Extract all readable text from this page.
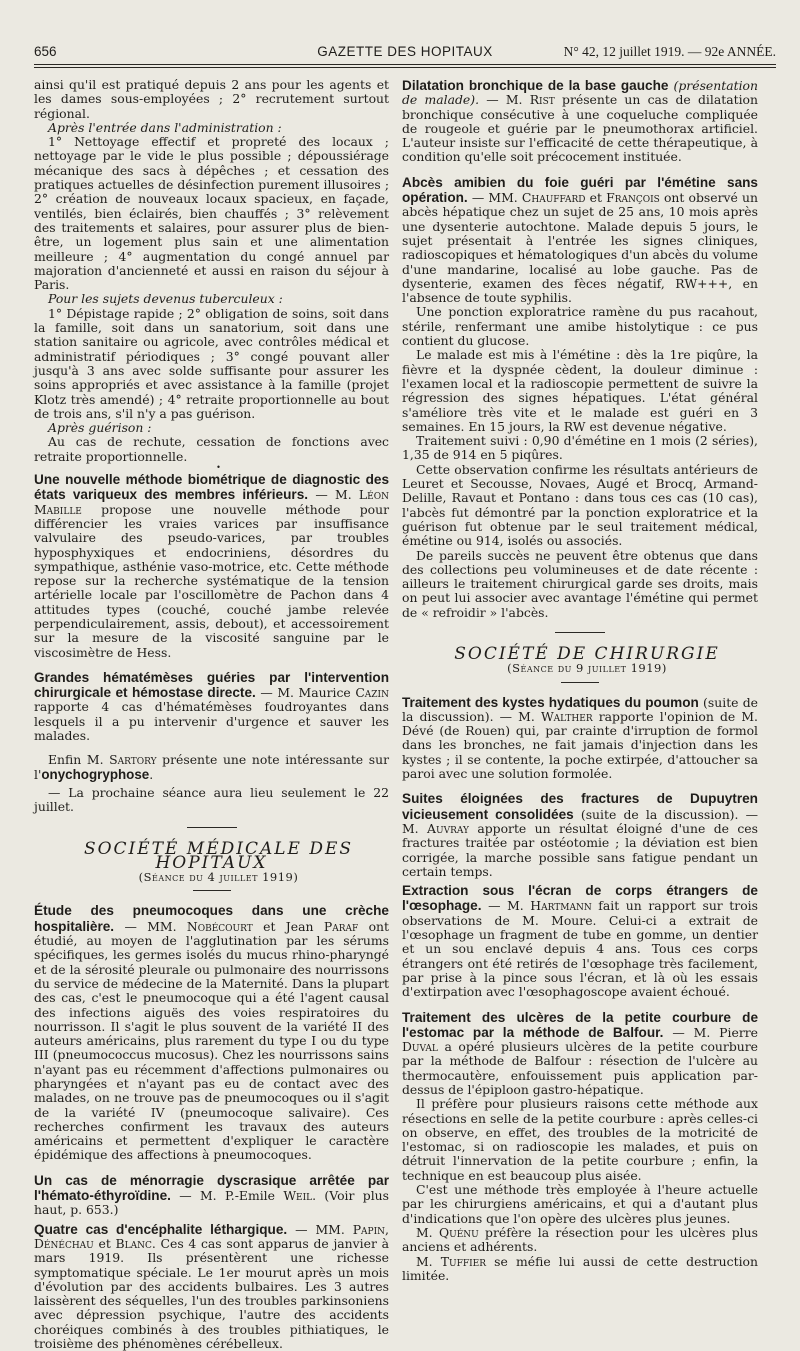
656	GAZETTE DES HOPITAUX	N° 42, 12 juillet 1919. — 92e ANNÉE.

ainsi qu'il est pratiqué depuis 2 ans pour les agents et les dames sous-employées ; 2° recrutement surtout régional.

Après l'entrée dans l'administration :

1° Nettoyage effectif et propreté des locaux ; nettoyage par le vide le plus possible ; dépoussiérage mécanique des sacs à dépêches ; et cessation des pratiques actuelles de désinfection purement illusoires ; 2° création de nouveaux locaux spacieux, en façade, ventilés, bien éclairés, bien chauffés ; 3° relèvement des traitements et salaires, pour assurer plus de bien-être, un logement plus sain et une alimentation meilleure ; 4° augmentation du congé annuel par majoration d'ancienneté et aussi en raison du séjour à Paris.

Pour les sujets devenus tuberculeux :

1° Dépistage rapide ; 2° obligation de soins, soit dans la famille, soit dans un sanatorium, soit dans une station sanitaire ou agricole, avec contrôles médical et administratif périodiques ; 3° congé pouvant aller jusqu'à 3 ans avec solde suffisante pour assurer les soins appropriés et avec assistance à la famille (projet Klotz très amendé) ; 4° retraite proportionnelle au bout de trois ans, s'il n'y a pas guérison.

Après guérison :

Au cas de rechute, cessation de fonctions avec retraite proportionnelle.

•

Une nouvelle méthode biométrique de diagnostic des états variqueux des membres inférieurs. — M. Léon Mabille propose une nouvelle méthode pour différencier les vraies varices par insuffisance valvulaire des pseudo-varices, par troubles hyposphyxiques et endocriniens, désordres du sympathique, asthénie vaso-motrice, etc. Cette méthode repose sur la recherche systématique de la tension artérielle locale par l'oscillomètre de Pachon dans 4 attitudes types (couché, couché jambe relevée perpendiculairement, assis, debout), et accessoirement sur la mesure de la viscosité sanguine par le viscosimètre de Hess.

Grandes hématémèses guéries par l'intervention chirurgicale et hémostase directe. — M. Maurice Cazin rapporte 4 cas d'hématémèses foudroyantes dans lesquels il a pu intervenir d'urgence et sauver les malades.

Enfin M. Sartory présente une note intéressante sur l'onychogryphose.

— La prochaine séance aura lieu seulement le 22 juillet.

SOCIÉTÉ MÉDICALE DES HOPITAUX

(Séance du 4 juillet 1919)

Étude des pneumocoques dans une crèche hospitalière. — MM. Nobécourt et Jean Paraf ont étudié, au moyen de l'agglutination par les sérums spécifiques, les germes isolés du mucus rhino-pharyngé et de la sérosité pleurale ou pulmonaire des nourrissons du service de médecine de la Maternité. Dans la plupart des cas, c'est le pneumocoque qui a été l'agent causal des infections aiguës des voies respiratoires du nourrisson. Il s'agit le plus souvent de la variété II des auteurs américains, plus rarement du type I ou du type III (pneumococcus mucosus). Chez les nourrissons sains n'ayant pas eu récemment d'affections pulmonaires ou pharyngées et n'ayant pas eu de contact avec des malades, on ne trouve pas de pneumocoques ou il s'agit de la variété IV (pneumocoque salivaire). Ces recherches confirment les travaux des auteurs américains et permettent d'expliquer le caractère épidémique des affections à pneumocoques.

Un cas de ménorragie dyscrasique arrêtée par l'hémato-éthyroïdine. — M. P.-Emile Weil. (Voir plus haut, p. 653.)

Quatre cas d'encéphalite léthargique. — MM. Papin, Dénéchau et Blanc. Ces 4 cas sont apparus de janvier à mars 1919. Ils présentèrent une richesse symptomatique spéciale. Le 1er mourut après un mois d'évolution par des accidents bulbaires. Les 3 autres laissèrent des séquelles, l'un des troubles parkinsoniens avec dépression psychique, l'autre des accidents choréiques combinés à des troubles pithiatiques, le troisième des phénomènes cérébelleux.

Dilatation bronchique de la base gauche (présentation de malade). — M. Rist présente un cas de dilatation bronchique consécutive à une coqueluche compliquée de rougeole et guérie par le pneumothorax artificiel. L'auteur insiste sur l'efficacité de cette thérapeutique, à condition qu'elle soit précocement instituée.

Abcès amibien du foie guéri par l'émétine sans opération. — MM. Chauffard et François ont observé un abcès hépatique chez un sujet de 25 ans, 10 mois après une dysenterie autochtone. Malade depuis 5 jours, le sujet présentait à l'entrée les signes cliniques, radioscopiques et hématologiques d'un abcès du volume d'une mandarine, localisé au lobe gauche. Pas de dysenterie, examen des fèces négatif, RW+++, en l'absence de toute syphilis.

Une ponction exploratrice ramène du pus racahout, stérile, renfermant une amibe histolytique : ce pus contient du glucose.

Le malade est mis à l'émétine : dès la 1re piqûre, la fièvre et la dyspnée cèdent, la douleur diminue : l'examen local et la radioscopie permettent de suivre la régression des signes hépatiques. L'état général s'améliore très vite et le malade est guéri en 3 semaines. En 15 jours, la RW est devenue négative.

Traitement suivi : 0,90 d'émétine en 1 mois (2 séries), 1,35 de 914 en 5 piqûres.

Cette observation confirme les résultats antérieurs de Leuret et Secousse, Novaes, Augé et Brocq, Armand-Delille, Ravaut et Pontano : dans tous ces cas (10 cas), l'abcès fut démontré par la ponction exploratrice et la guérison fut obtenue par le seul traitement médical, émétine ou 914, isolés ou associés.

De pareils succès ne peuvent être obtenus que dans des collections peu volumineuses et de date récente : ailleurs le traitement chirurgical garde ses droits, mais on peut lui associer avec avantage l'émétine qui permet de « refroidir » l'abcès.

SOCIÉTÉ DE CHIRURGIE

(Séance du 9 juillet 1919)

Traitement des kystes hydatiques du poumon (suite de la discussion). — M. Walther rapporte l'opinion de M. Dévé (de Rouen) qui, par crainte d'irruption de formol dans les bronches, ne fait jamais d'injection dans les kystes ; il se contente, la poche extirpée, d'attoucher sa paroi avec une solution formolée.

Suites éloignées des fractures de Dupuytren vicieusement consolidées (suite de la discussion). — M. Auvray apporte un résultat éloigné d'une de ces fractures traitée par ostéotomie ; la déviation est bien corrigée, la marche possible sans fatigue pendant un certain temps.

Extraction sous l'écran de corps étrangers de l'œsophage. — M. Hartmann fait un rapport sur trois observations de M. Moure. Celui-ci a extrait de l'œsophage un fragment de tube en gomme, un dentier et un sou enclavé depuis 4 ans. Tous ces corps étrangers ont été retirés de l'œsophage très facilement, par prise à la pince sous l'écran, et là où les essais d'extirpation avec l'œsophagoscope avaient échoué.

Traitement des ulcères de la petite courbure de l'estomac par la méthode de Balfour. — M. Pierre Duval a opéré plusieurs ulcères de la petite courbure par la méthode de Balfour : résection de l'ulcère au thermocautère, enfouissement puis application par-dessus de l'épiploon gastro-hépatique.

Il préfère pour plusieurs raisons cette méthode aux résections en selle de la petite courbure : après celles-ci on observe, en effet, des troubles de la motricité de l'estomac, si on radioscopie les malades, et puis on détruit l'innervation de la petite courbure ; enfin, la technique en est beaucoup plus aisée.

C'est une méthode très employée à l'heure actuelle par les chirurgiens américains, et qui a d'autant plus d'indications que l'on opère des ulcères plus jeunes.

M. Quénu préfère la résection pour les ulcères plus anciens et adhérents.

M. Tuffier se méfie lui aussi de cette destruction limitée.
